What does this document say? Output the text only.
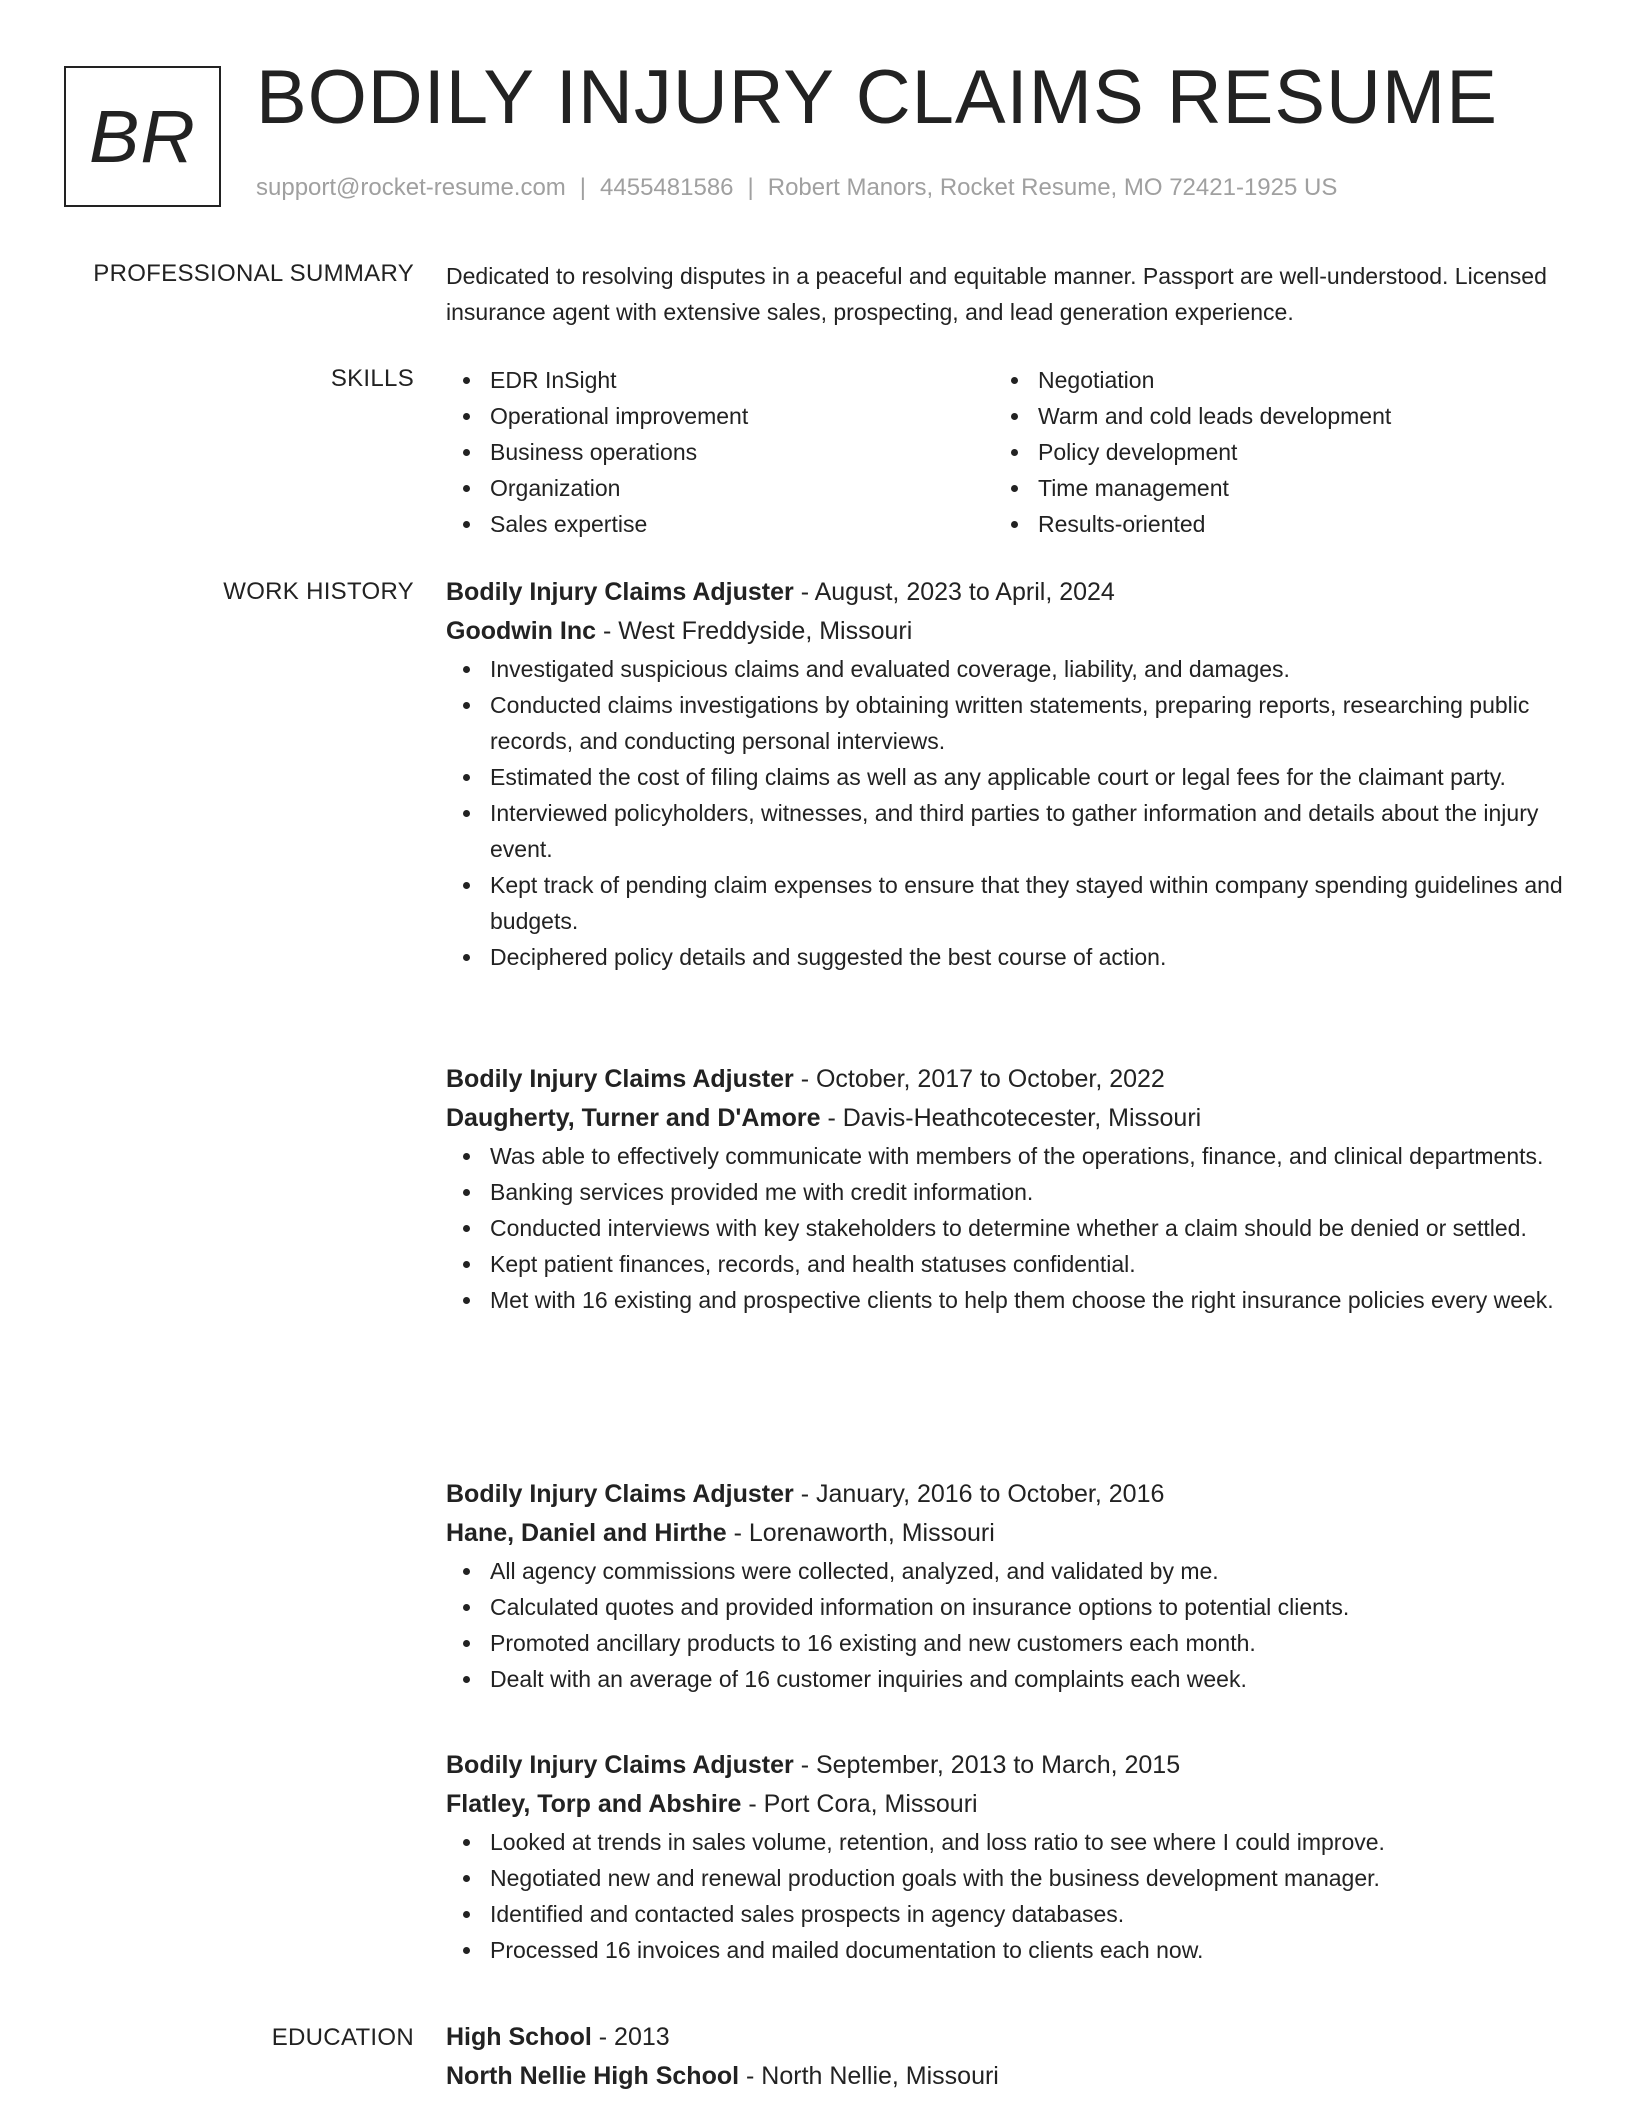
BR BODILY INJURY CLAIMS RESUME
support@rocket-resume.com | 4455481586 | Robert Manors, Rocket Resume, MO 72421-1925 US
PROFESSIONAL SUMMARY Dedicated to resolving disputes in a peaceful and equitable manner. Passport are well-understood. Licensed insurance agent with extensive sales, prospecting, and lead generation experience.

SKILLS	EDR InSight
Operational improvement
Business operations
Organization
Sales expertise
Negotiation
Warm and cold leads development
Policy development
Time management
Results-oriented
WORK HISTORY Bodily Injury Claims Adjuster - August, 2023 to April, 2024
Goodwin Inc - West Freddyside, Missouri
Investigated suspicious claims and evaluated coverage, liability, and damages.
Conducted claims investigations by obtaining written statements, preparing reports, researching public records, and conducting personal interviews.
Estimated the cost of filing claims as well as any applicable court or legal fees for the claimant party.
Interviewed policyholders, witnesses, and third parties to gather information and details about the injury event.
Kept track of pending claim expenses to ensure that they stayed within company spending guidelines and budgets.
Deciphered policy details and suggested the best course of action.
Bodily Injury Claims Adjuster - October, 2017 to October, 2022
Daugherty, Turner and D'Amore - Davis-Heathcotecester, Missouri
Was able to effectively communicate with members of the operations, finance, and clinical departments.
Banking services provided me with credit information.
Conducted interviews with key stakeholders to determine whether a claim should be denied or settled.
Kept patient finances, records, and health statuses confidential.
Met with 16 existing and prospective clients to help them choose the right insurance policies every week.
Bodily Injury Claims Adjuster - January, 2016 to October, 2016
Hane, Daniel and Hirthe - Lorenaworth, Missouri
All agency commissions were collected, analyzed, and validated by me.
Calculated quotes and provided information on insurance options to potential clients.
Promoted ancillary products to 16 existing and new customers each month.
Dealt with an average of 16 customer inquiries and complaints each week.
Bodily Injury Claims Adjuster - September, 2013 to March, 2015
Flatley, Torp and Abshire - Port Cora, Missouri
Looked at trends in sales volume, retention, and loss ratio to see where I could improve.
Negotiated new and renewal production goals with the business development manager.
Identified and contacted sales prospects in agency databases.
Processed 16 invoices and mailed documentation to clients each now.
EDUCATION High School - 2013
North Nellie High School - North Nellie, Missouri
